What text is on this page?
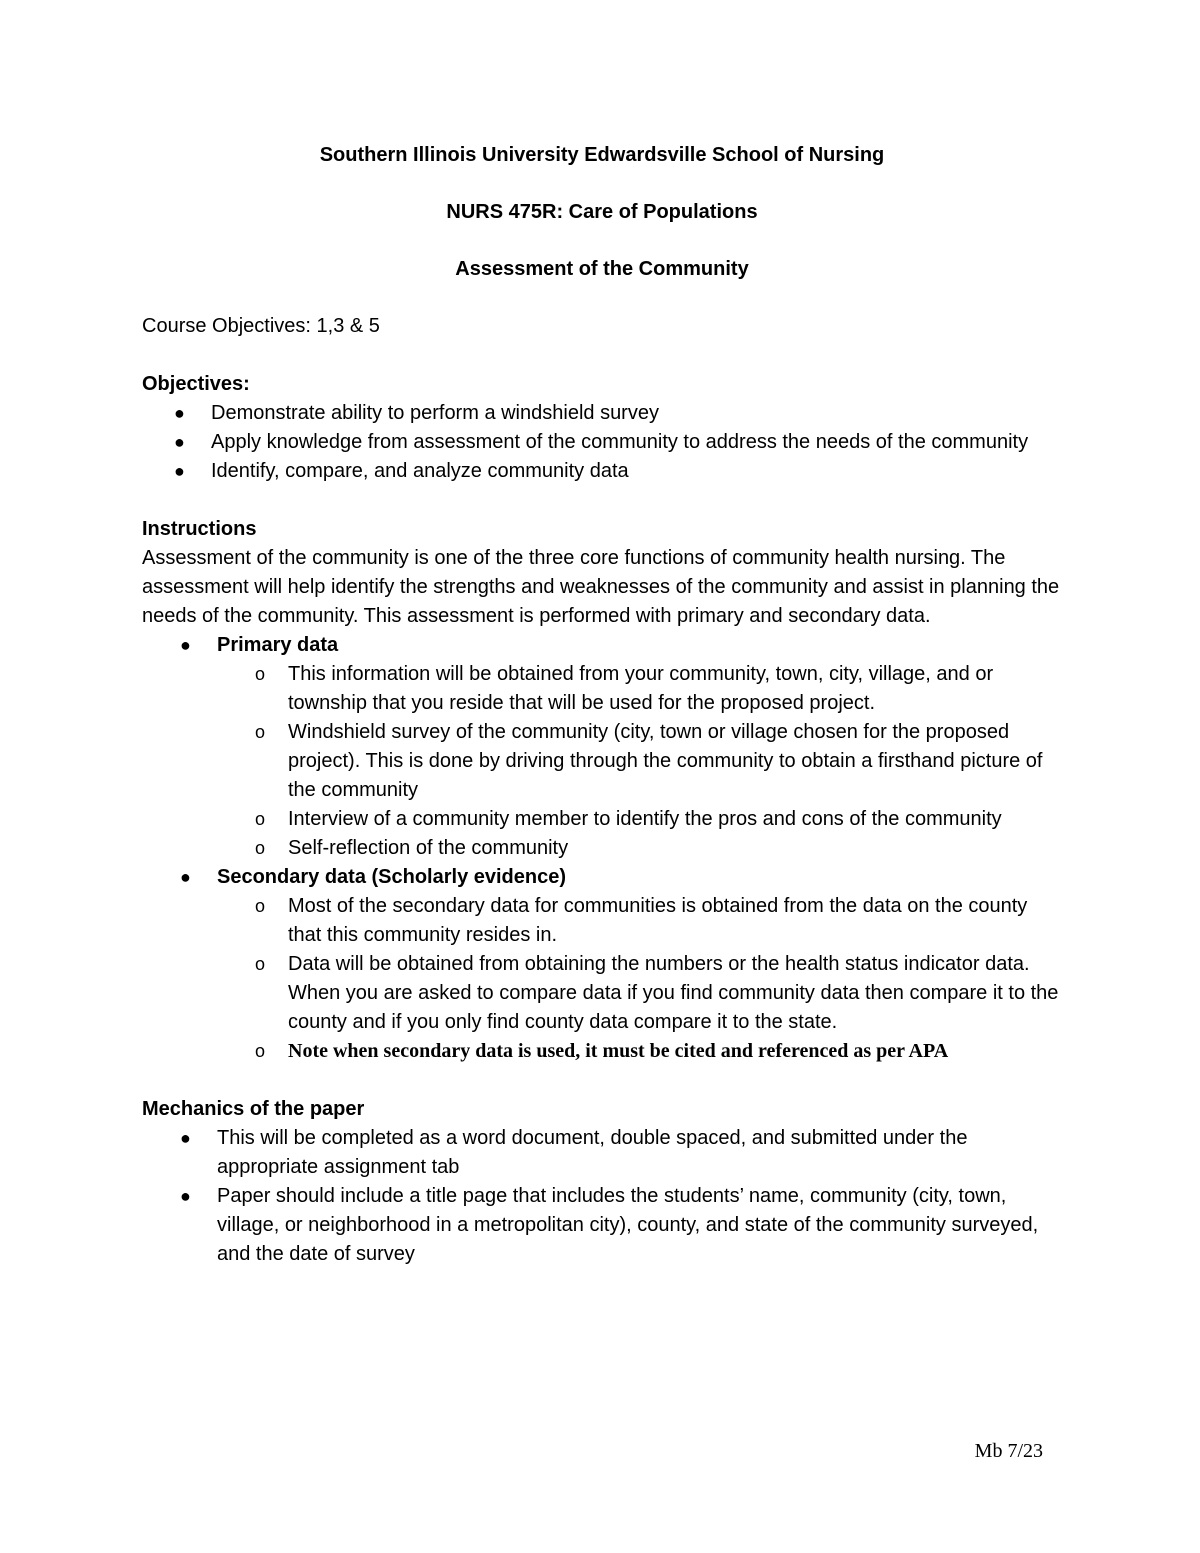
Southern Illinois University Edwardsville School of Nursing

NURS 475R: Care of Populations

Assessment of the Community

Course Objectives: 1,3 & 5

Objectives:

● Demonstrate ability to perform a windshield survey
● Apply knowledge from assessment of the community to address the needs of the community
● Identify, compare, and analyze community data

Instructions

Assessment of the community is one of the three core functions of community health nursing. The assessment will help identify the strengths and weaknesses of the community and assist in planning the needs of the community. This assessment is performed with primary and secondary data.

● Primary data
o This information will be obtained from your community, town, city, village, and or township that you reside that will be used for the proposed project.
o Windshield survey of the community (city, town or village chosen for the proposed project). This is done by driving through the community to obtain a firsthand picture of the community
o Interview of a community member to identify the pros and cons of the community
o Self-reflection of the community
● Secondary data (Scholarly evidence)
o Most of the secondary data for communities is obtained from the data on the county that this community resides in.
o Data will be obtained from obtaining the numbers or the health status indicator data. When you are asked to compare data if you find community data then compare it to the county and if you only find county data compare it to the state.
o Note when secondary data is used, it must be cited and referenced as per APA

Mechanics of the paper

● This will be completed as a word document, double spaced, and submitted under the appropriate assignment tab
● Paper should include a title page that includes the students’ name, community (city, town, village, or neighborhood in a metropolitan city), county, and state of the community surveyed, and the date of survey
Mb 7/23
